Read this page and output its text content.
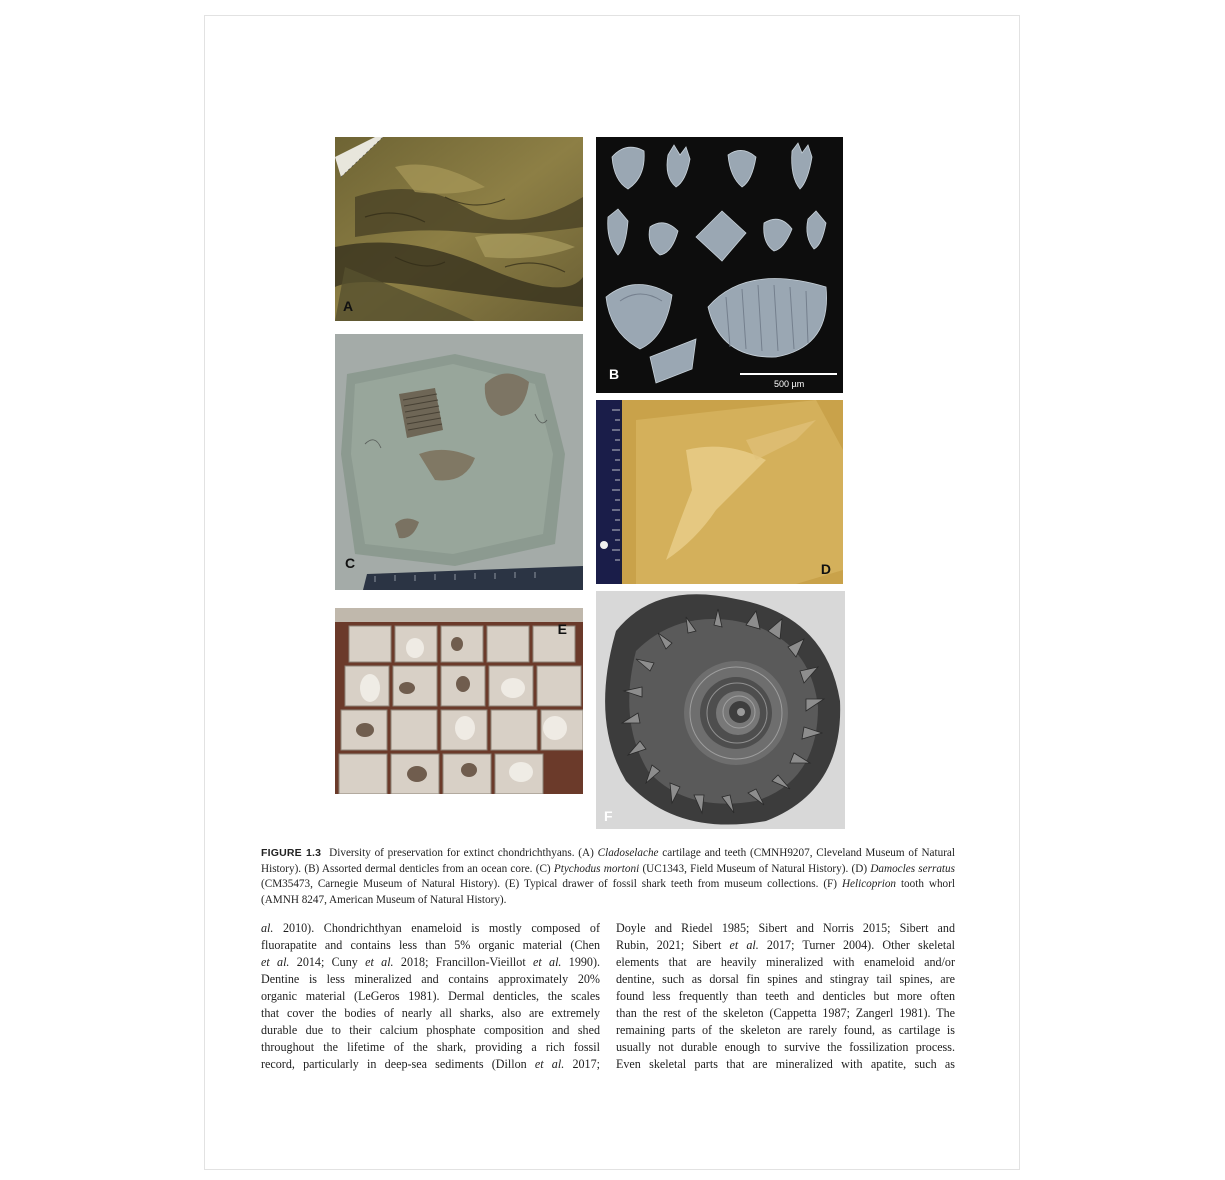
A
B
500 µm
C	D
E
F
FIGURE 1.3 Diversity of preservation for extinct chondrichthyans. (A) Cladoselache cartilage and teeth (CMNH9207, Cleveland Museum of Natural History). (B) Assorted dermal denticles from an ocean core. (C) Ptychodus mortoni (UC1343, Field Museum of Natural History). (D) Damocles serratus (CM35473, Carnegie Museum of Natural History). (E) Typical drawer of fossil shark teeth from museum collections. (F) Helicoprion tooth whorl (AMNH 8247, American Museum of Natural History).
al. 2010). Chondrichthyan enameloid is mostly composed of
fluorapatite and contains less than 5% organic material (Chen
et al. 2014; Cuny et al. 2018; Francillon-Vieillot et al. 1990).
Dentine is less mineralized and contains approximately 20%
organic material (LeGeros 1981). Dermal denticles, the scales
that cover the bodies of nearly all sharks, also are extremely
durable due to their calcium phosphate composition and shed
throughout the lifetime of the shark, providing a rich fossil
record, particularly in deep-sea sediments (Dillon et al. 2017;
Doyle and Riedel 1985; Sibert and Norris 2015; Sibert and
Rubin, 2021; Sibert et al. 2017; Turner 2004). Other skeletal
elements that are heavily mineralized with enameloid and/or
dentine, such as dorsal fin spines and stingray tail spines, are
found less frequently than teeth and denticles but more often
than the rest of the skeleton (Cappetta 1987; Zangerl 1981). The
remaining parts of the skeleton are rarely found, as cartilage is
usually not durable enough to survive the fossilization process.
Even skeletal parts that are mineralized with apatite, such as
